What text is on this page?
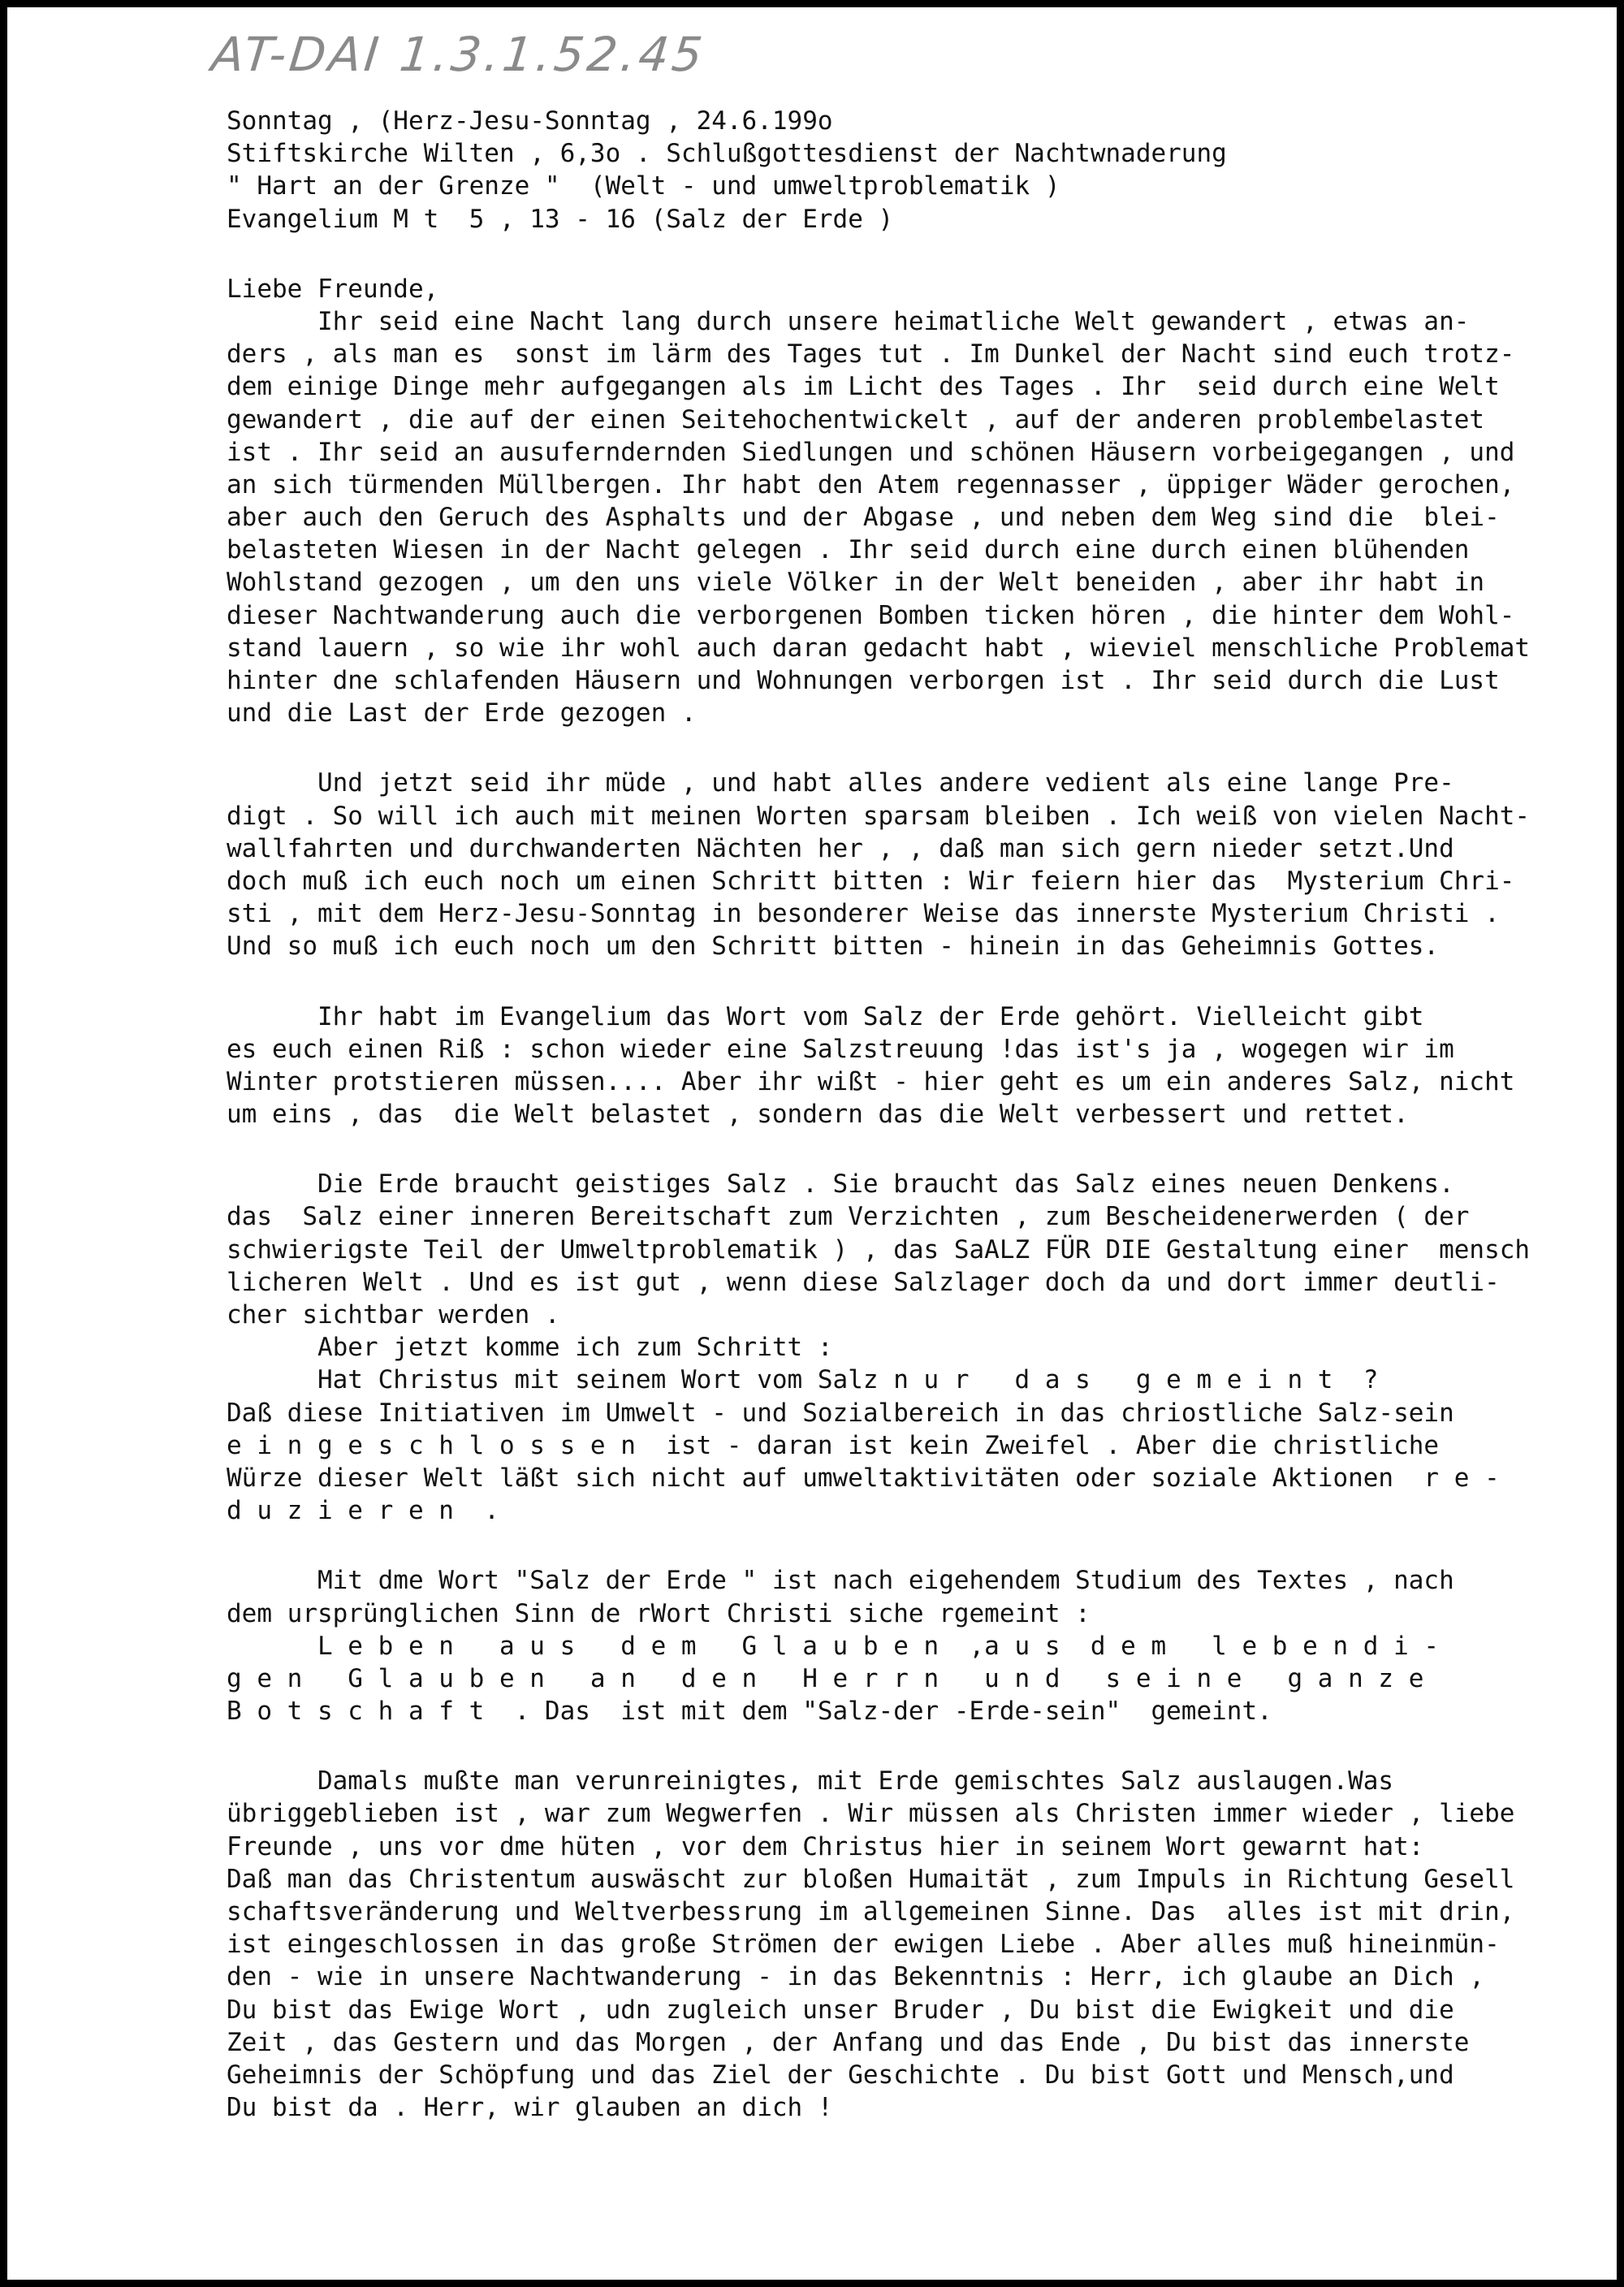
AT-DAI 1.3.1.52.45
Sonntag , (Herz-Jesu-Sonntag , 24.6.199o
Stiftskirche Wilten , 6,3o . Schlußgottesdienst der Nachtwnaderung
" Hart an der Grenze "  (Welt - und umweltproblematik )
Evangelium M t  5 , 13 - 16 (Salz der Erde )
Liebe Freunde,
Ihr seid eine Nacht lang durch unsere heimatliche Welt gewandert , etwas an-
ders , als man es  sonst im lärm des Tages tut . Im Dunkel der Nacht sind euch trotz-
dem einige Dinge mehr aufgegangen als im Licht des Tages . Ihr  seid durch eine Welt
gewandert , die auf der einen Seitehochentwickelt , auf der anderen problembelastet
ist . Ihr seid an ausuferndernden Siedlungen und schönen Häusern vorbeigegangen , und
an sich türmenden Müllbergen. Ihr habt den Atem regennasser , üppiger Wäder gerochen,
aber auch den Geruch des Asphalts und der Abgase , und neben dem Weg sind die  blei-
belasteten Wiesen in der Nacht gelegen . Ihr seid durch eine durch einen blühenden
Wohlstand gezogen , um den uns viele Völker in der Welt beneiden , aber ihr habt in
dieser Nachtwanderung auch die verborgenen Bomben ticken hören , die hinter dem Wohl-
stand lauern , so wie ihr wohl auch daran gedacht habt , wieviel menschliche Problemat
hinter dne schlafenden Häusern und Wohnungen verborgen ist . Ihr seid durch die Lust
und die Last der Erde gezogen .
Und jetzt seid ihr müde , und habt alles andere vedient als eine lange Pre-
digt . So will ich auch mit meinen Worten sparsam bleiben . Ich weiß von vielen Nacht-
wallfahrten und durchwanderten Nächten her , , daß man sich gern nieder setzt.Und
doch muß ich euch noch um einen Schritt bitten : Wir feiern hier das  Mysterium Chri-
sti , mit dem Herz-Jesu-Sonntag in besonderer Weise das innerste Mysterium Christi .
Und so muß ich euch noch um den Schritt bitten - hinein in das Geheimnis Gottes.
Ihr habt im Evangelium das Wort vom Salz der Erde gehört. Vielleicht gibt
es euch einen Riß : schon wieder eine Salzstreuung !das ist's ja , wogegen wir im
Winter protstieren müssen.... Aber ihr wißt - hier geht es um ein anderes Salz, nicht
um eins , das  die Welt belastet , sondern das die Welt verbessert und rettet.
Die Erde braucht geistiges Salz . Sie braucht das Salz eines neuen Denkens.
das  Salz einer inneren Bereitschaft zum Verzichten , zum Bescheidenerwerden ( der
schwierigste Teil der Umweltproblematik ) , das SaALZ FÜR DIE Gestaltung einer  mensch
licheren Welt . Und es ist gut , wenn diese Salzlager doch da und dort immer deutli-
cher sichtbar werden .
Aber jetzt komme ich zum Schritt :
Hat Christus mit seinem Wort vom Salz n u r   d a s   g e m e i n t  ?
Daß diese Initiativen im Umwelt - und Sozialbereich in das chriostliche Salz-sein
e i n g e s c h l o s s e n  ist - daran ist kein Zweifel . Aber die christliche
Würze dieser Welt läßt sich nicht auf umweltaktivitäten oder soziale Aktionen  r e -
d u z i e r e n  .
Mit dme Wort "Salz der Erde " ist nach eigehendem Studium des Textes , nach
dem ursprünglichen Sinn de rWort Christi siche rgemeint :
L e b e n   a u s   d e m   G l a u b e n  ,a u s  d e m   l e b e n d i -
g e n   G l a u b e n   a n   d e n   H e r r n   u n d   s e i n e   g a n z e
B o t s c h a f t  . Das  ist mit dem "Salz-der -Erde-sein"  gemeint.
Damals mußte man verunreinigtes, mit Erde gemischtes Salz auslaugen.Was
übriggeblieben ist , war zum Wegwerfen . Wir müssen als Christen immer wieder , liebe
Freunde , uns vor dme hüten , vor dem Christus hier in seinem Wort gewarnt hat:
Daß man das Christentum auswäscht zur bloßen Humaität , zum Impuls in Richtung Gesell
schaftsveränderung und Weltverbessrung im allgemeinen Sinne. Das  alles ist mit drin,
ist eingeschlossen in das große Strömen der ewigen Liebe . Aber alles muß hineinmün-
den - wie in unsere Nachtwanderung - in das Bekenntnis : Herr, ich glaube an Dich ,
Du bist das Ewige Wort , udn zugleich unser Bruder , Du bist die Ewigkeit und die
Zeit , das Gestern und das Morgen , der Anfang und das Ende , Du bist das innerste
Geheimnis der Schöpfung und das Ziel der Geschichte . Du bist Gott und Mensch,und
Du bist da . Herr, wir glauben an dich !
